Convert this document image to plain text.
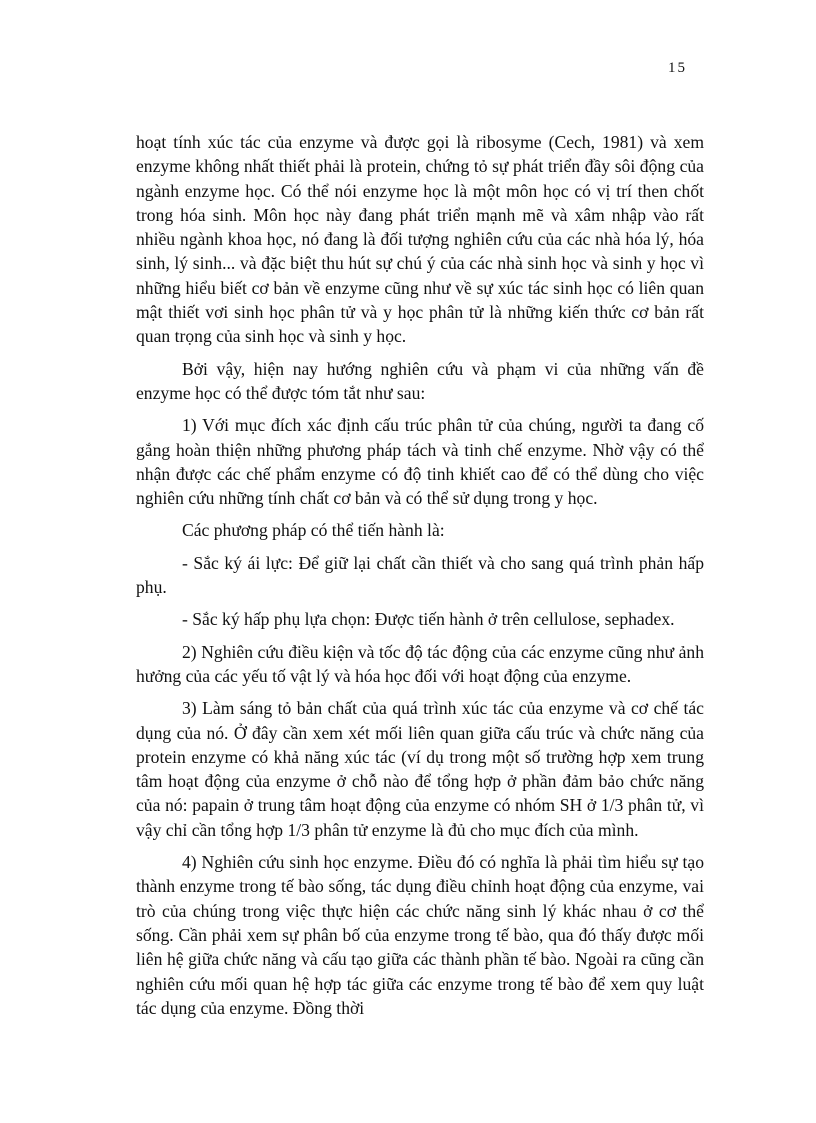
15

hoạt tính xúc tác của enzyme và được gọi là ribosyme (Cech, 1981) và xem enzyme không nhất thiết phải là protein, chứng tỏ sự phát triển đầy sôi động của ngành enzyme học. Có thể nói enzyme học là một môn học có vị trí then chốt trong hóa sinh. Môn học này đang phát triển mạnh mẽ và xâm nhập vào rất nhiều ngành khoa học, nó đang là đối tượng nghiên cứu của các nhà hóa lý, hóa sinh, lý sinh... và đặc biệt thu hút sự chú ý của các nhà sinh học và sinh y học vì những hiểu biết cơ bản về enzyme cũng như về sự xúc tác sinh học có liên quan mật thiết vơi sinh học phân tử và y học phân tử là những kiến thức cơ bản rất quan trọng của sinh học và sinh y học.

Bởi vậy, hiện nay hướng nghiên cứu và phạm vi của những vấn đề enzyme học có thể được tóm tắt như sau:

1) Với mục đích xác định cấu trúc phân tử của chúng, người ta đang cố gắng hoàn thiện những phương pháp tách và tinh chế enzyme. Nhờ vậy có thể nhận được các chế phẩm enzyme có độ tinh khiết cao để có thể dùng cho việc nghiên cứu những tính chất cơ bản và có thể sử dụng trong y học.

Các phương pháp có thể tiến hành là:

- Sắc ký ái lực: Để giữ lại chất cần thiết và cho sang quá trình phản hấp phụ.

- Sắc ký hấp phụ lựa chọn: Được tiến hành ở trên cellulose, sephadex.

2) Nghiên cứu điều kiện và tốc độ tác động của các enzyme cũng như ảnh hưởng của các yếu tố vật lý và hóa học đối với hoạt động của enzyme.

3) Làm sáng tỏ bản chất của quá trình xúc tác của enzyme và cơ chế tác dụng của nó. Ở đây cần xem xét mối liên quan giữa cấu trúc và chức năng của protein enzyme có khả năng xúc tác (ví dụ trong một số trường hợp xem trung tâm hoạt động của enzyme ở chỗ nào để tổng hợp ở phần đảm bảo chức năng của nó: papain ở trung tâm hoạt động của enzyme có nhóm SH ở 1/3 phân tử, vì vậy chỉ cần tổng hợp 1/3 phân tử enzyme là đủ cho mục đích của mình.

4) Nghiên cứu sinh học enzyme. Điều đó có nghĩa là phải tìm hiểu sự tạo thành enzyme trong tế bào sống, tác dụng điều chỉnh hoạt động của enzyme, vai trò của chúng trong việc thực hiện các chức năng sinh lý khác nhau ở cơ thể sống. Cần phải xem sự phân bố của enzyme trong tế bào, qua đó thấy được mối liên hệ giữa chức năng và cấu tạo giữa các thành phần tế bào. Ngoài ra cũng cần nghiên cứu mối quan hệ hợp tác giữa các enzyme trong tế bào để xem quy luật tác dụng của enzyme. Đồng thời
